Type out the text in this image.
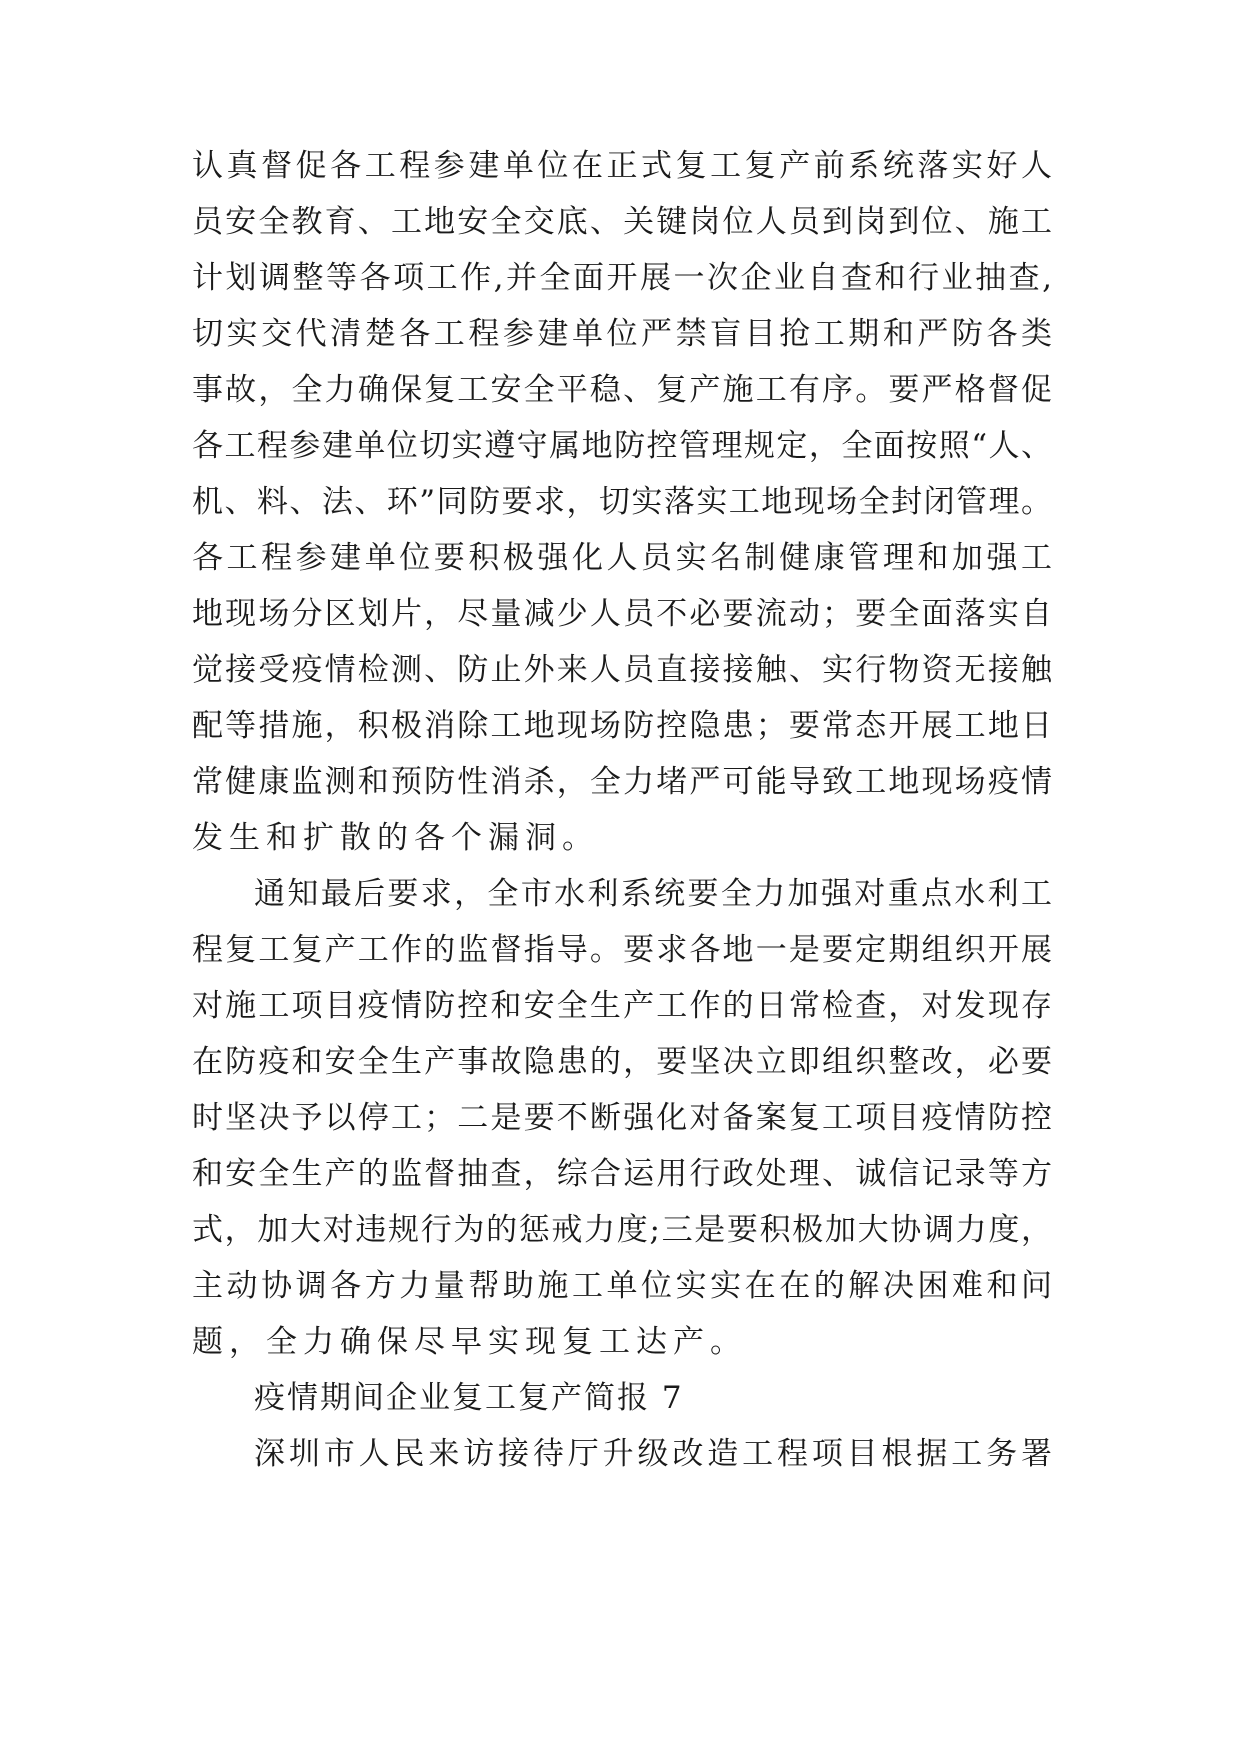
认真督促各工程参建单位在正式复工复产前系统落实好人
员安全教育、工地安全交底、关键岗位人员到岗到位、施工
计划调整等各项工作,并全面开展一次企业自查和行业抽查,
切实交代清楚各工程参建单位严禁盲目抢工期和严防各类
事故，全力确保复工安全平稳、复产施工有序。要严格督促
各工程参建单位切实遵守属地防控管理规定，全面按照“人、
机、料、法、环”同防要求，切实落实工地现场全封闭管理。
各工程参建单位要积极强化人员实名制健康管理和加强工
地现场分区划片，尽量减少人员不必要流动；要全面落实自
觉接受疫情检测、防止外来人员直接接触、实行物资无接触
配等措施，积极消除工地现场防控隐患；要常态开展工地日
常健康监测和预防性消杀，全力堵严可能导致工地现场疫情
发生和扩散的各个漏洞。
通知最后要求，全市水利系统要全力加强对重点水利工
程复工复产工作的监督指导。要求各地一是要定期组织开展
对施工项目疫情防控和安全生产工作的日常检查，对发现存
在防疫和安全生产事故隐患的，要坚决立即组织整改，必要
时坚决予以停工；二是要不断强化对备案复工项目疫情防控
和安全生产的监督抽查，综合运用行政处理、诚信记录等方
式，加大对违规行为的惩戒力度;三是要积极加大协调力度，
主动协调各方力量帮助施工单位实实在在的解决困难和问
题，全力确保尽早实现复工达产。
疫情期间企业复工复产简报 7
深圳市人民来访接待厅升级改造工程项目根据工务署
